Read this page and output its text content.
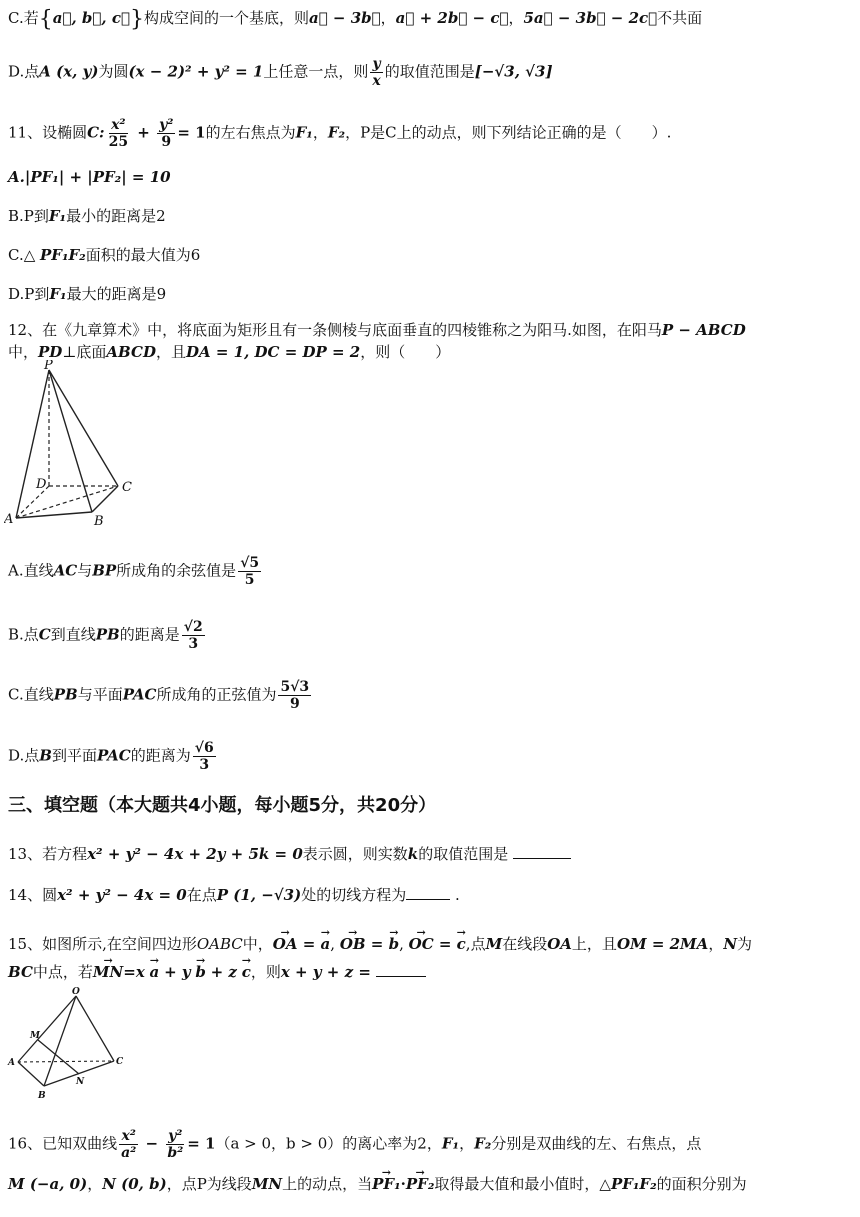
C.若{a⃗, b⃗, c⃗}构成空间的一个基底，则a⃗ − 3b⃗，a⃗ + 2b⃗ − c⃗，5a⃗ − 3b⃗ − 2c⃗不共面
D.点A (x, y)为圆(x − 2)² + y² = 1上任意一点，则 $\frac{y}{x}$ 的取值范围是[−√3, √3]
11、设椭圆C: $\frac{\text{x²}}{25} + \frac{\text{y²}}{9} = 1$的左右焦点为F₁，F₂，P是C上的动点，则下列结论正确的是（　　）.
A.|PF₁| + |PF₂| = 10
B.P到F₁最小的距离是2
C.△ PF₁F₂面积的最大值为6
D.P到F₁最大的距离是9
12、在《九章算术》中，将底面为矩形且有一条侧棱与底面垂直的四棱锥称之为阳马.如图，在阳马P − ABCD
中，PD⊥底面ABCD，且DA = 1, DC = DP = 2，则（　　）
P
D	C
A	B
A.直线AC与BP所成角的余弦值是 $\frac{√5}{5}$
B.点C到直线PB的距离是 $\frac{√2}{3}$
C.直线PB与平面PAC所成角的正弦值为 $\frac{5√3}{9}$
D.点B到平面PAC的距离为 $\frac{√6}{3}$
三、填空题（本大题共4小题，每小题5分，共20分）
13、若方程x² + y² − 4x + 2y + 5k = 0表示圆，则实数k的取值范围是
14、圆x² + y² − 4x = 0在点P (1, −√3)处的切线方程为	.
15、如图所示,在空间四边形OABC中，→ OA = → a, → OB = → b, → OC = → c,点M在线段OA上，且OM = 2MA，N为
BC中点，若→ MN=x → a + y → b + z → c，则x + y + z =
O
M
A
B
N
C
16、已知双曲线 $\frac{\text{x²}}{\text{a²}} - \frac{\text{y²}}{\text{b²}} = 1(a > 0$，b > 0）的离心率为2，F₁，F₂分别是双曲线的左、右焦点，点
M (−a, 0)，N (0, b)，点P为线段MN上的动点，当→ PF₁·→ PF₂取得最大值和最小值时，△PF₁F₂的面积分别为
